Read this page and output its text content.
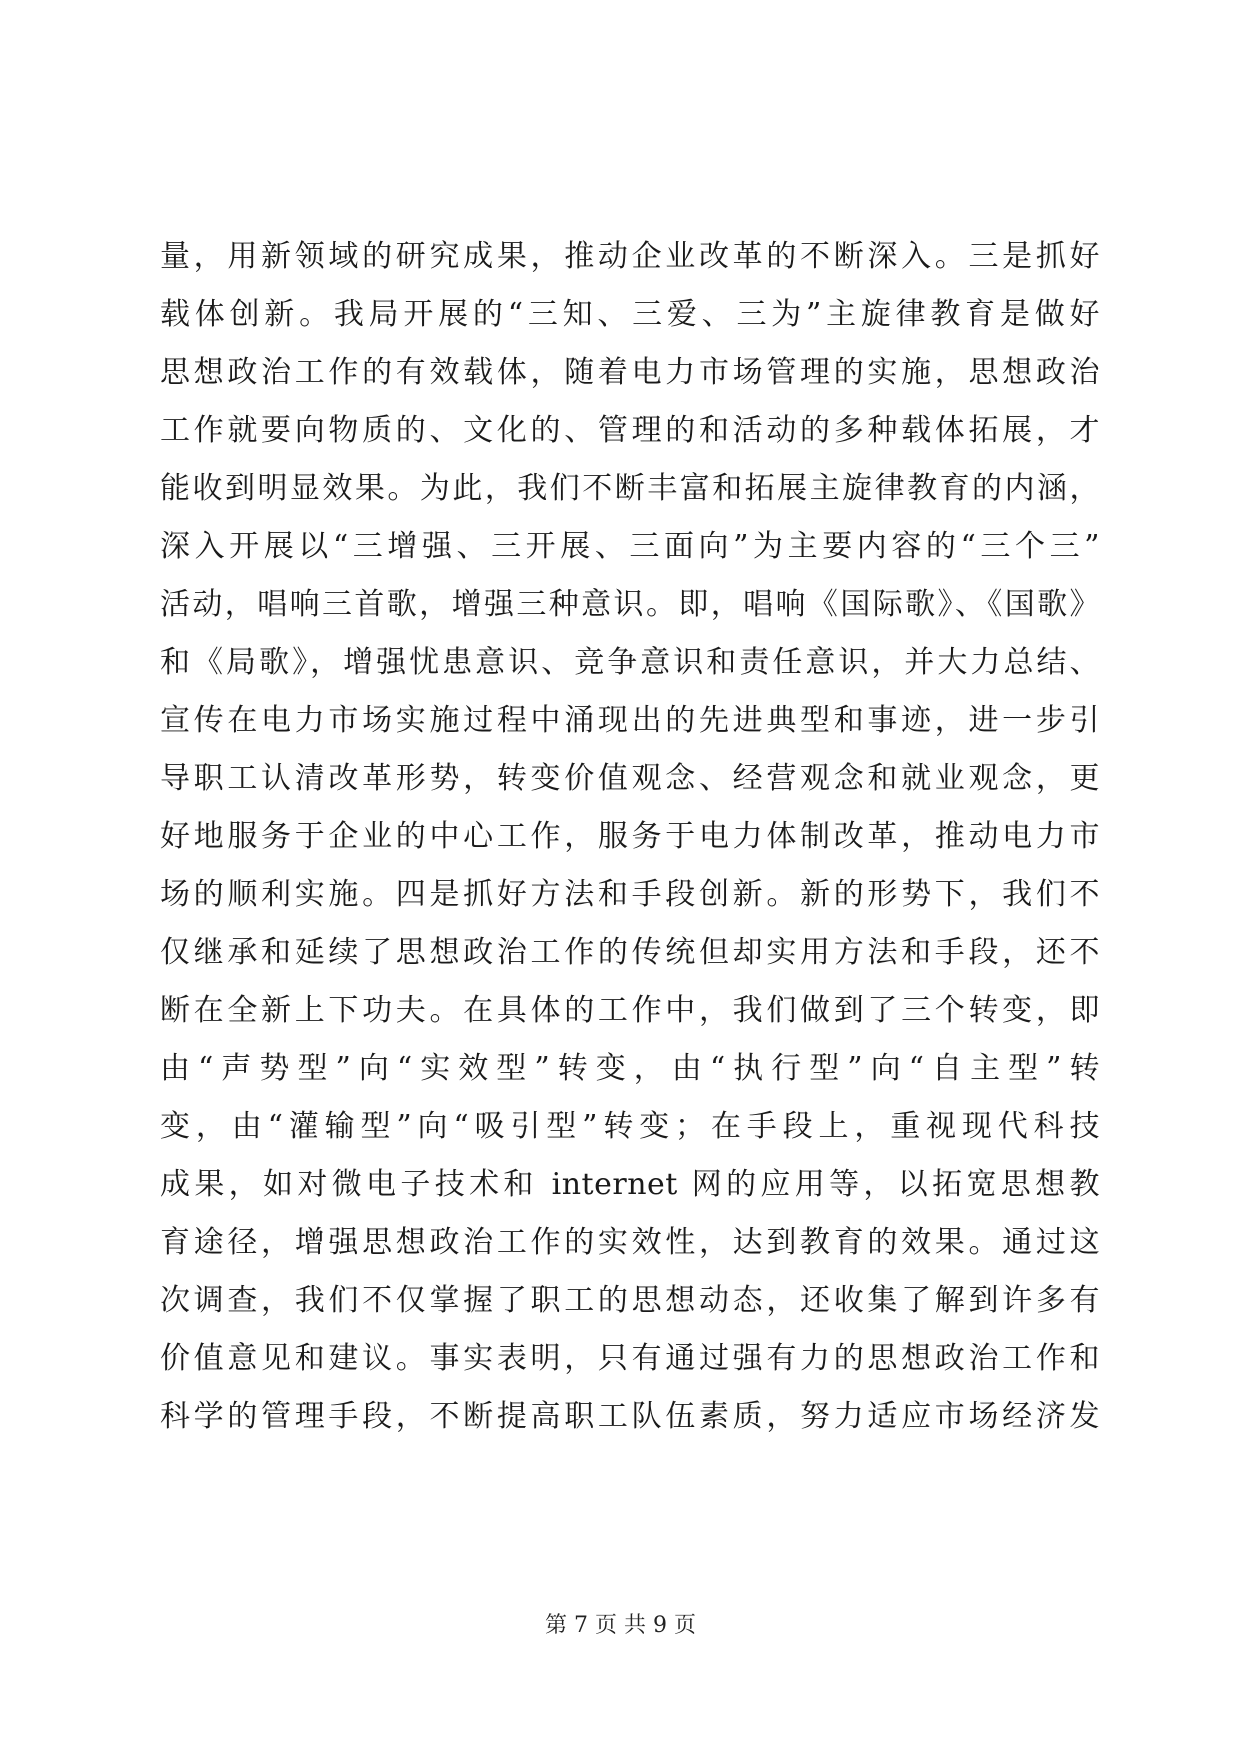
量，用新领域的研究成果，推动企业改革的不断深入。三是抓好
载体创新。我局开展的“三知、三爱、三为”主旋律教育是做好
思想政治工作的有效载体，随着电力市场管理的实施，思想政治
工作就要向物质的、文化的、管理的和活动的多种载体拓展，才
能收到明显效果。为此，我们不断丰富和拓展主旋律教育的内涵，
深入开展以“三增强、三开展、三面向”为主要内容的“三个三”
活动，唱响三首歌，增强三种意识。即，唱响《国际歌》、《国歌》
和《局歌》，增强忧患意识、竞争意识和责任意识，并大力总结、
宣传在电力市场实施过程中涌现出的先进典型和事迹，进一步引
导职工认清改革形势，转变价值观念、经营观念和就业观念，更
好地服务于企业的中心工作，服务于电力体制改革，推动电力市
场的顺利实施。四是抓好方法和手段创新。新的形势下，我们不
仅继承和延续了思想政治工作的传统但却实用方法和手段，还不
断在全新上下功夫。在具体的工作中，我们做到了三个转变，即
由“声势型”向“实效型”转变，由“执行型”向“自主型”转
变，由“灌输型”向“吸引型”转变；在手段上，重视现代科技
成果，如对微电子技术和 internet 网的应用等，以拓宽思想教
育途径，增强思想政治工作的实效性，达到教育的效果。通过这
次调查，我们不仅掌握了职工的思想动态，还收集了解到许多有
价值意见和建议。事实表明，只有通过强有力的思想政治工作和
科学的管理手段，不断提高职工队伍素质，努力适应市场经济发
第 7 页 共 9 页
